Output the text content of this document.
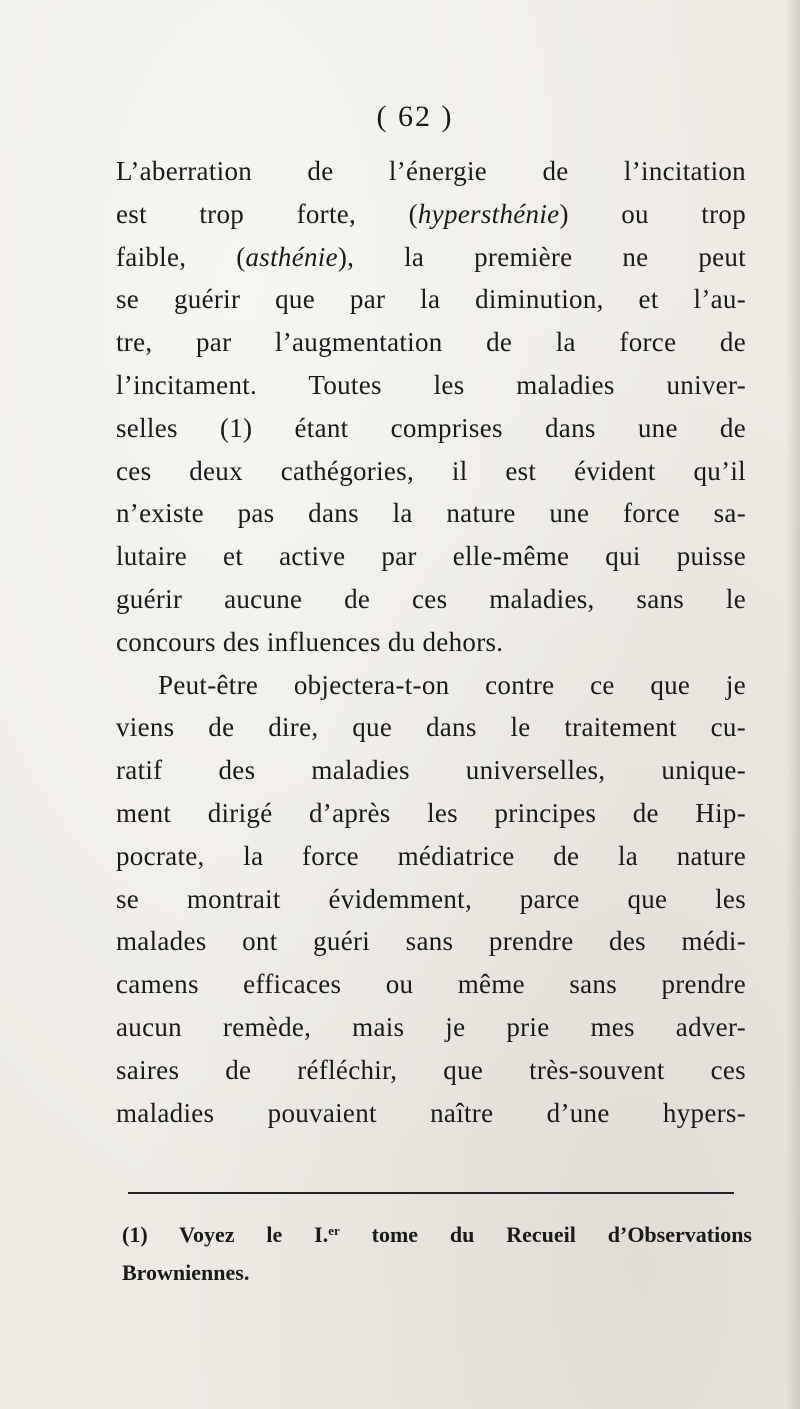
( 62 )
L’aberration de l’énergie de l’incitation
est trop forte, (hypersthénie) ou trop
faible, (asthénie), la première ne peut
se guérir que par la diminution, et l’au-
tre, par l’augmentation de la force de
l’incitament. Toutes les maladies univer-
selles (1) étant comprises dans une de
ces deux cathégories, il est évident qu’il
n’existe pas dans la nature une force sa-
lutaire et active par elle-même qui puisse
guérir aucune de ces maladies, sans le
concours des influences du dehors.
Peut-être objectera-t-on contre ce que je
viens de dire, que dans le traitement cu-
ratif des maladies universelles, unique-
ment dirigé d’après les principes de Hip-
pocrate, la force médiatrice de la nature
se montrait évidemment, parce que les
malades ont guéri sans prendre des médi-
camens efficaces ou même sans prendre
aucun remède, mais je prie mes adver-
saires de réfléchir, que très-souvent ces
maladies pouvaient naître d’une hypers-
(1) Voyez le I.$^{er}$ tome du Recueil d’Observations
Browniennes.
